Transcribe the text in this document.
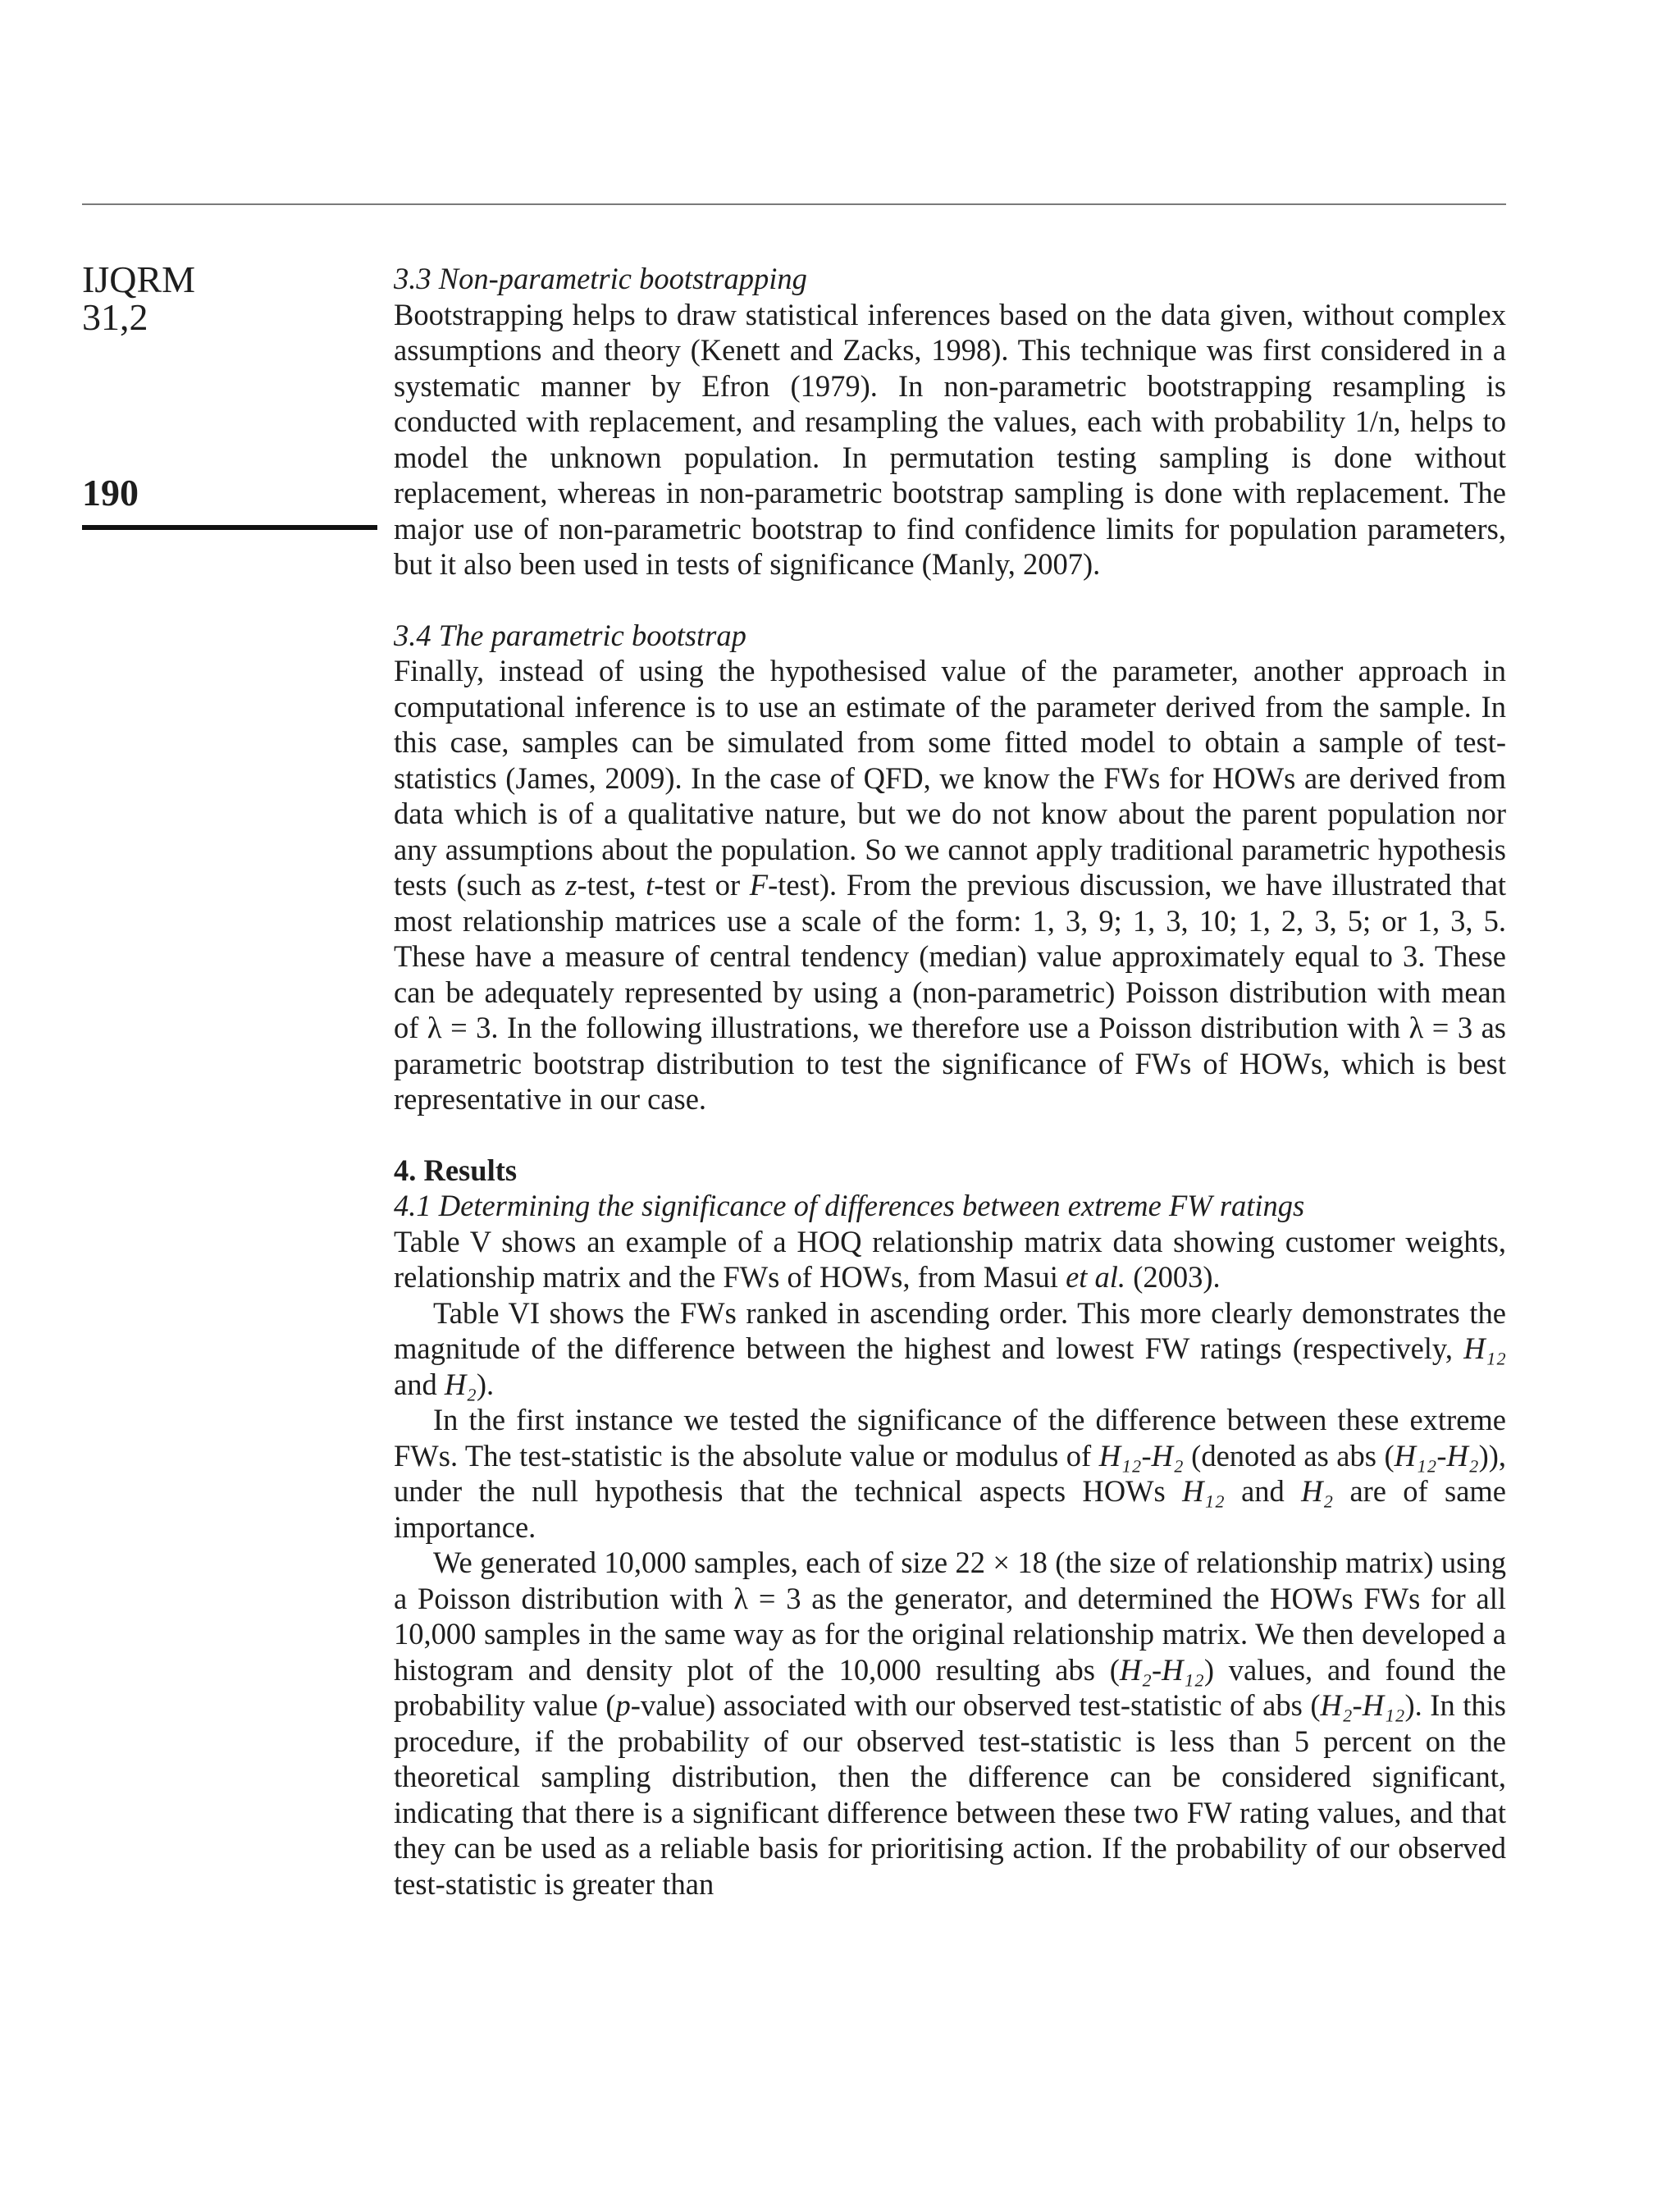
IJQRM
31,2
190

3.3 Non-parametric bootstrapping

Bootstrapping helps to draw statistical inferences based on the data given, without complex assumptions and theory (Kenett and Zacks, 1998). This technique was first considered in a systematic manner by Efron (1979). In non-parametric bootstrapping resampling is conducted with replacement, and resampling the values, each with probability 1/n, helps to model the unknown population. In permutation testing sampling is done without replacement, whereas in non-parametric bootstrap sampling is done with replacement. The major use of non-parametric bootstrap to find confidence limits for population parameters, but it also been used in tests of significance (Manly, 2007).

3.4 The parametric bootstrap

Finally, instead of using the hypothesised value of the parameter, another approach in computational inference is to use an estimate of the parameter derived from the sample. In this case, samples can be simulated from some fitted model to obtain a sample of test-statistics (James, 2009). In the case of QFD, we know the FWs for HOWs are derived from data which is of a qualitative nature, but we do not know about the parent population nor any assumptions about the population. So we cannot apply traditional parametric hypothesis tests (such as z-test, t-test or F-test). From the previous discussion, we have illustrated that most relationship matrices use a scale of the form: 1, 3, 9; 1, 3, 10; 1, 2, 3, 5; or 1, 3, 5. These have a measure of central tendency (median) value approximately equal to 3. These can be adequately represented by using a (non-parametric) Poisson distribution with mean of λ = 3. In the following illustrations, we therefore use a Poisson distribution with λ = 3 as parametric bootstrap distribution to test the significance of FWs of HOWs, which is best representative in our case.

4. Results

4.1 Determining the significance of differences between extreme FW ratings

Table V shows an example of a HOQ relationship matrix data showing customer weights, relationship matrix and the FWs of HOWs, from Masui et al. (2003).

Table VI shows the FWs ranked in ascending order. This more clearly demonstrates the magnitude of the difference between the highest and lowest FW ratings (respectively, H₁₂ and H₂).

In the first instance we tested the significance of the difference between these extreme FWs. The test-statistic is the absolute value or modulus of H₁₂-H₂ (denoted as abs (H₁₂-H₂)), under the null hypothesis that the technical aspects HOWs H₁₂ and H₂ are of same importance.

We generated 10,000 samples, each of size 22 × 18 (the size of relationship matrix) using a Poisson distribution with λ = 3 as the generator, and determined the HOWs FWs for all 10,000 samples in the same way as for the original relationship matrix. We then developed a histogram and density plot of the 10,000 resulting abs (H₂-H₁₂) values, and found the probability value (p-value) associated with our observed test-statistic of abs (H₂-H₁₂). In this procedure, if the probability of our observed test-statistic is less than 5 percent on the theoretical sampling distribution, then the difference can be considered significant, indicating that there is a significant difference between these two FW rating values, and that they can be used as a reliable basis for prioritising action. If the probability of our observed test-statistic is greater than
